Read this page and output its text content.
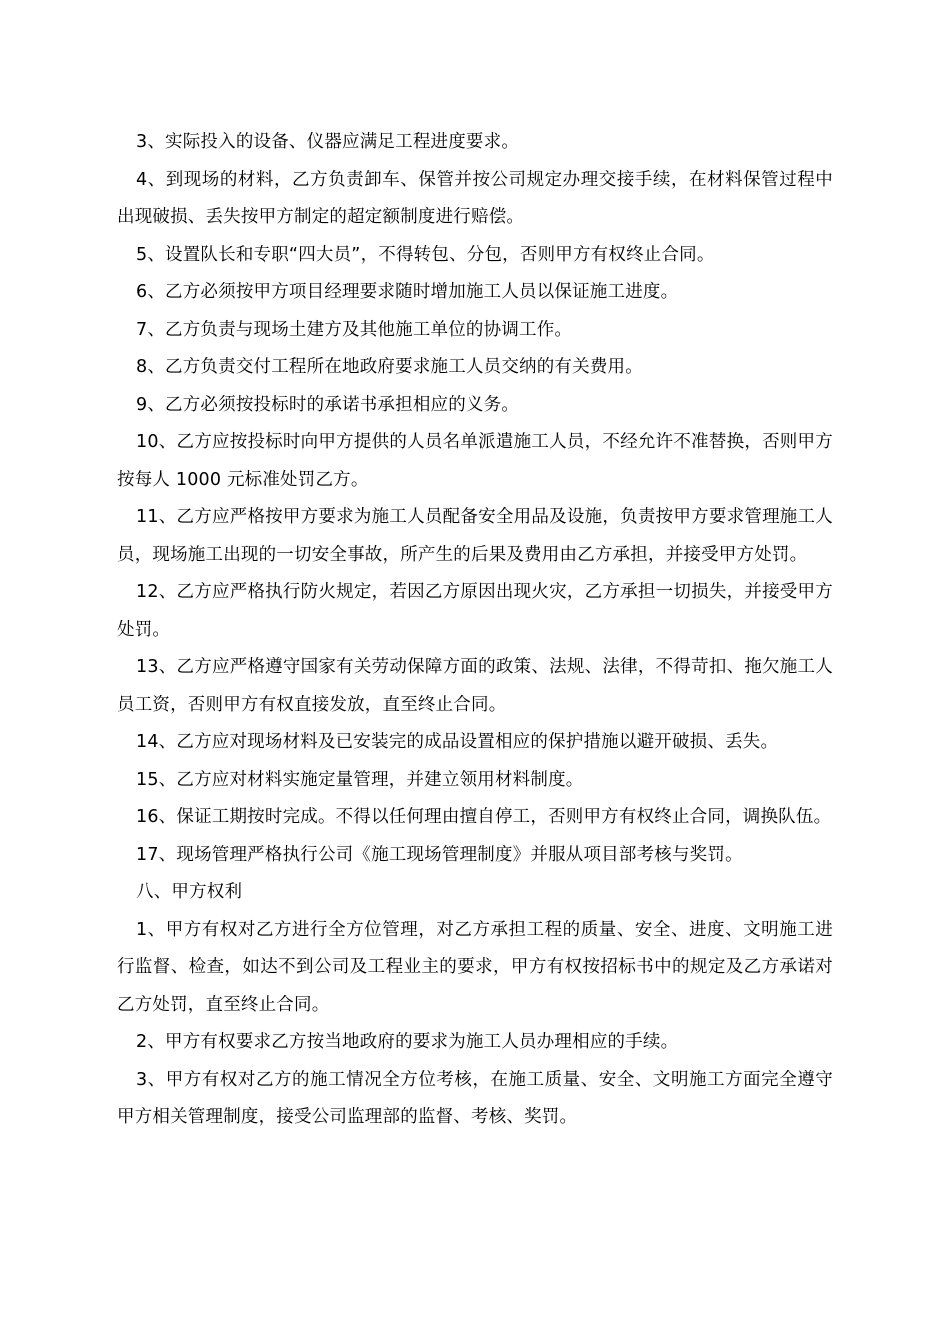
3、实际投入的设备、仪器应满足工程进度要求。

4、到现场的材料，乙方负责卸车、保管并按公司规定办理交接手续，在材料保管过程中出现破损、丢失按甲方制定的超定额制度进行赔偿。

5、设置队长和专职“四大员”，不得转包、分包，否则甲方有权终止合同。

6、乙方必须按甲方项目经理要求随时增加施工人员以保证施工进度。

7、乙方负责与现场土建方及其他施工单位的协调工作。

8、乙方负责交付工程所在地政府要求施工人员交纳的有关费用。

9、乙方必须按投标时的承诺书承担相应的义务。

10、乙方应按投标时向甲方提供的人员名单派遣施工人员，不经允许不准替换，否则甲方按每人 1000 元标准处罚乙方。

11、乙方应严格按甲方要求为施工人员配备安全用品及设施，负责按甲方要求管理施工人员，现场施工出现的一切安全事故，所产生的后果及费用由乙方承担，并接受甲方处罚。

12、乙方应严格执行防火规定，若因乙方原因出现火灾，乙方承担一切损失，并接受甲方处罚。

13、乙方应严格遵守国家有关劳动保障方面的政策、法规、法律，不得苛扣、拖欠施工人员工资，否则甲方有权直接发放，直至终止合同。

14、乙方应对现场材料及已安装完的成品设置相应的保护措施以避开破损、丢失。

15、乙方应对材料实施定量管理，并建立领用材料制度。

16、保证工期按时完成。不得以任何理由擅自停工，否则甲方有权终止合同，调换队伍。

17、现场管理严格执行公司《施工现场管理制度》并服从项目部考核与奖罚。

八、甲方权利

1、甲方有权对乙方进行全方位管理，对乙方承担工程的质量、安全、进度、文明施工进行监督、检查，如达不到公司及工程业主的要求，甲方有权按招标书中的规定及乙方承诺对乙方处罚，直至终止合同。

2、甲方有权要求乙方按当地政府的要求为施工人员办理相应的手续。

3、甲方有权对乙方的施工情况全方位考核，在施工质量、安全、文明施工方面完全遵守甲方相关管理制度，接受公司监理部的监督、考核、奖罚。
